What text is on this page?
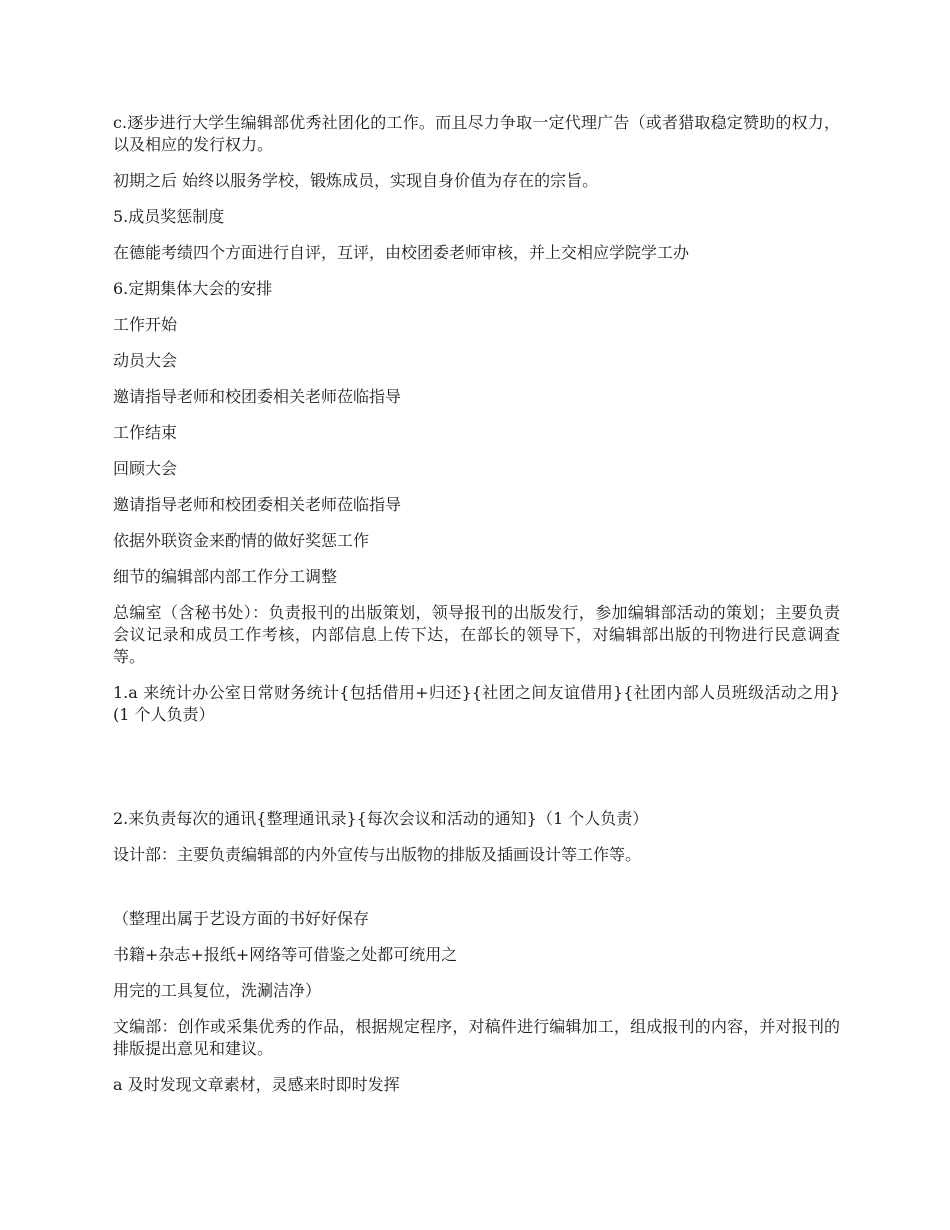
c.逐步进行大学生编辑部优秀社团化的工作。而且尽力争取一定代理广告（或者猎取稳定赞助的权力，以及相应的发行权力。

初期之后 始终以服务学校，锻炼成员，实现自身价值为存在的宗旨。

5.成员奖惩制度

在德能考绩四个方面进行自评，互评，由校团委老师审核，并上交相应学院学工办

6.定期集体大会的安排

工作开始

动员大会

邀请指导老师和校团委相关老师莅临指导

工作结束

回顾大会

邀请指导老师和校团委相关老师莅临指导

依据外联资金来酌情的做好奖惩工作

细节的编辑部内部工作分工调整

总编室（含秘书处）：负责报刊的出版策划，领导报刊的出版发行，参加编辑部活动的策划；主要负责会议记录和成员工作考核，内部信息上传下达，在部长的领导下，对编辑部出版的刊物进行民意调查等。

1.a 来统计办公室日常财务统计{包括借用+归还}{社团之间友谊借用}{社团内部人员班级活动之用}(1 个人负责）

2.来负责每次的通讯{整理通讯录}{每次会议和活动的通知}（1 个人负责）

设计部：主要负责编辑部的内外宣传与出版物的排版及插画设计等工作等。

（整理出属于艺设方面的书好好保存

书籍+杂志+报纸+网络等可借鉴之处都可统用之

用完的工具复位，洗涮洁净）

文编部：创作或采集优秀的作品，根据规定程序，对稿件进行编辑加工，组成报刊的内容，并对报刊的排版提出意见和建议。

a 及时发现文章素材，灵感来时即时发挥
